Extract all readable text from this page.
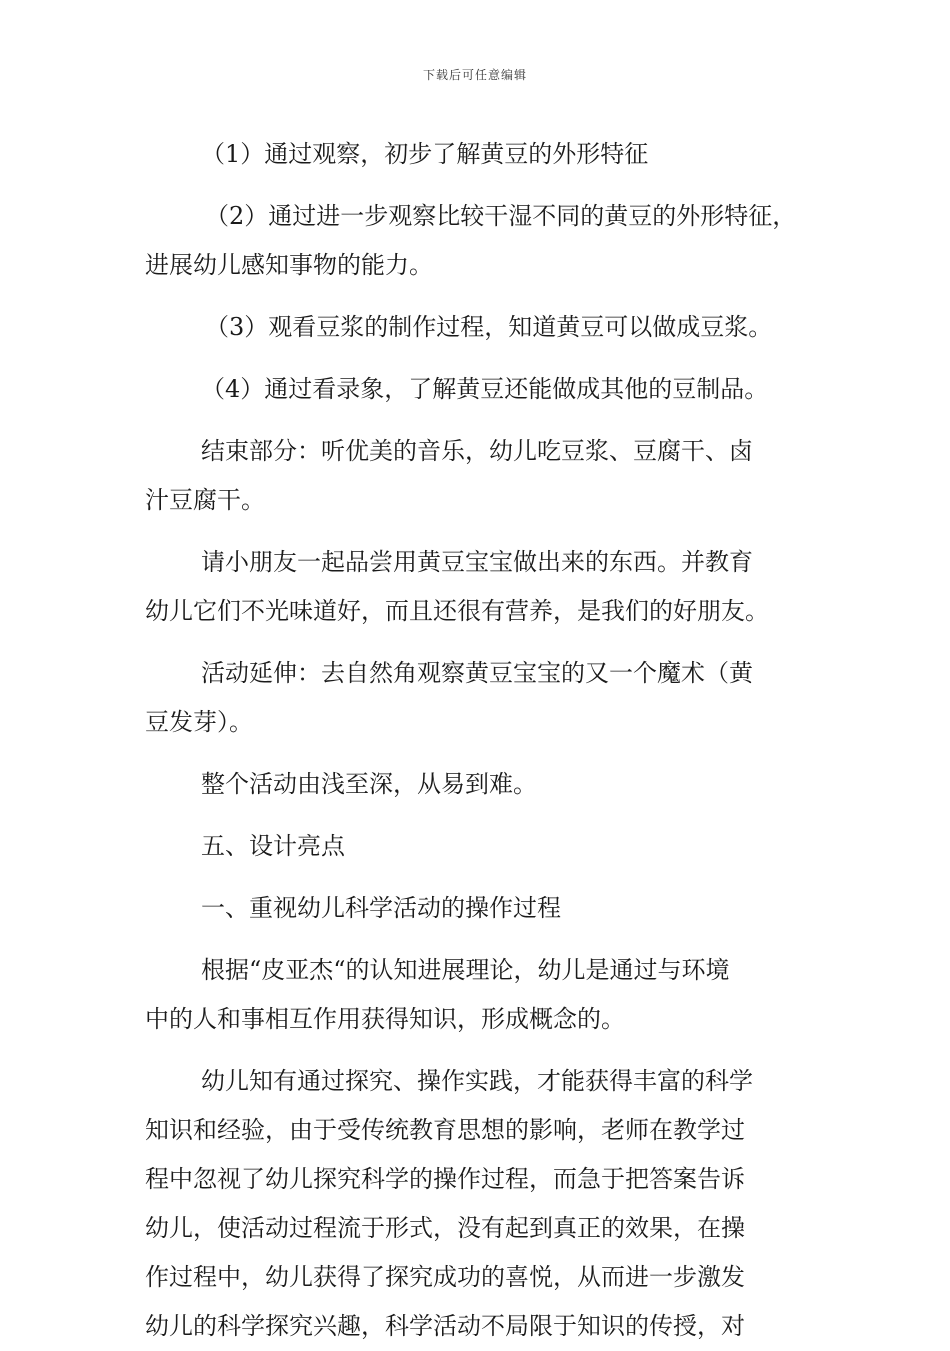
下载后可任意编辑
（1）通过观察，初步了解黄豆的外形特征
（2）通过进一步观察比较干湿不同的黄豆的外形特征，
进展幼儿感知事物的能力。
（3）观看豆浆的制作过程，知道黄豆可以做成豆浆。
（4）通过看录象，了解黄豆还能做成其他的豆制品。
结束部分：听优美的音乐，幼儿吃豆浆、豆腐干、卤
汁豆腐干。
请小朋友一起品尝用黄豆宝宝做出来的东西。并教育
幼儿它们不光味道好，而且还很有营养，是我们的好朋友。
活动延伸：去自然角观察黄豆宝宝的又一个魔术（黄
豆发芽）。
整个活动由浅至深，从易到难。
五、设计亮点
一、重视幼儿科学活动的操作过程
根据“皮亚杰“的认知进展理论，幼儿是通过与环境
中的人和事相互作用获得知识，形成概念的。
幼儿知有通过探究、操作实践，才能获得丰富的科学
知识和经验，由于受传统教育思想的影响，老师在教学过
程中忽视了幼儿探究科学的操作过程，而急于把答案告诉
幼儿，使活动过程流于形式，没有起到真正的效果，在操
作过程中，幼儿获得了探究成功的喜悦，从而进一步激发
幼儿的科学探究兴趣，科学活动不局限于知识的传授，对
